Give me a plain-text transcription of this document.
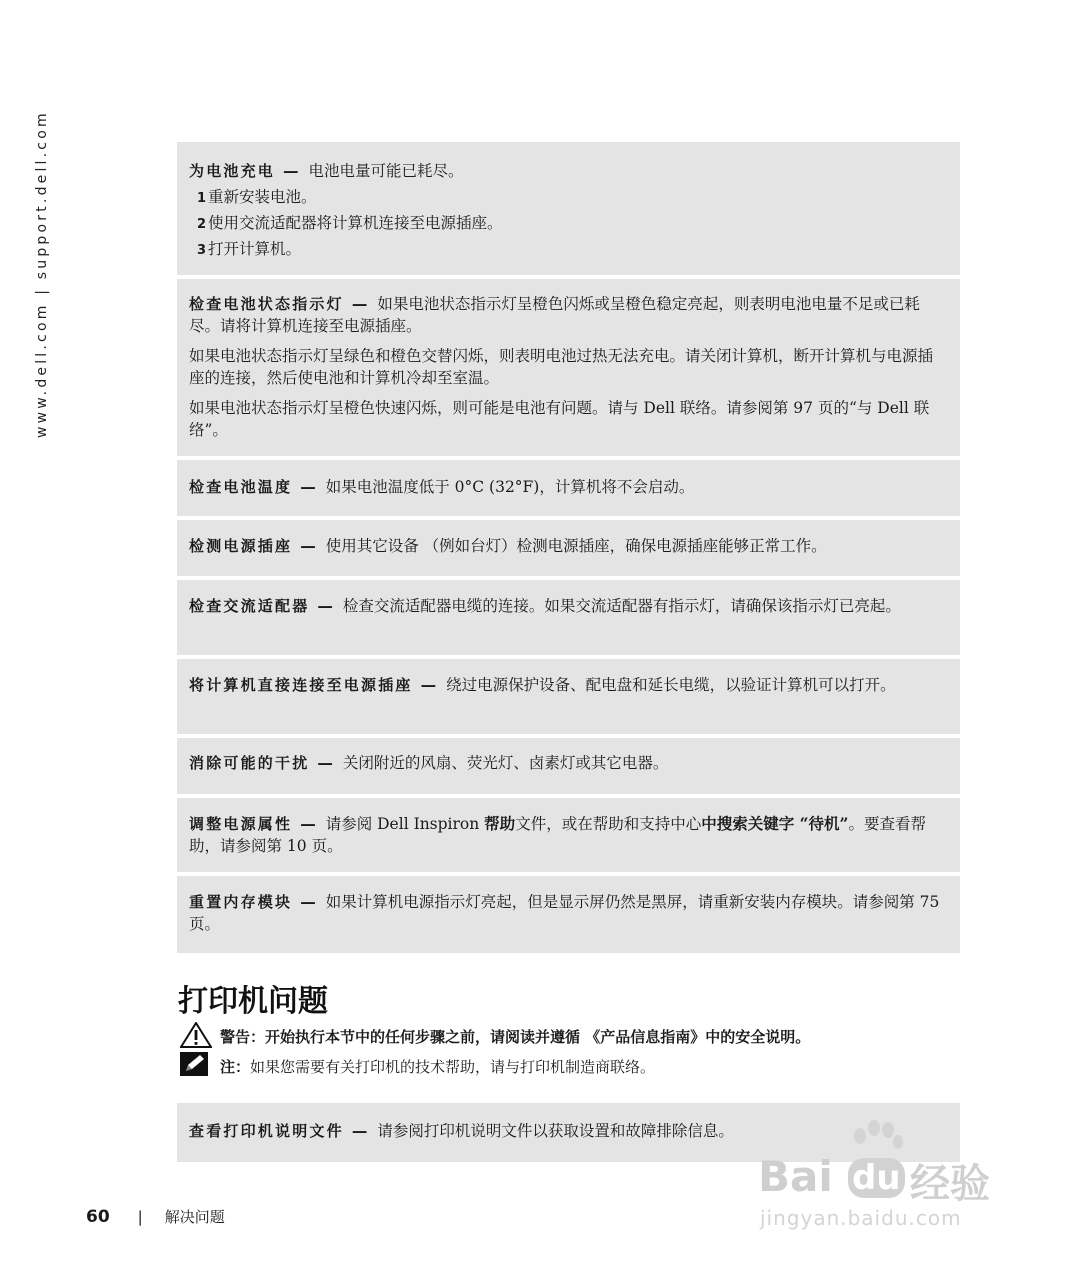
www.dell.com | support.dell.com	为电池充电 — 电池电量可能已耗尽。

1 重新安装电池。
2 使用交流适配器将计算机连接至电源插座。
3 打开计算机。

检查电池状态指示灯 — 如果电池状态指示灯呈橙色闪烁或呈橙色稳定亮起，则表明电池电量不足或已耗尽。请将计算机连接至电源插座。

如果电池状态指示灯呈绿色和橙色交替闪烁，则表明电池过热无法充电。请关闭计算机，断开计算机与电源插座的连接，然后使电池和计算机冷却至室温。

如果电池状态指示灯呈橙色快速闪烁，则可能是电池有问题。请与 Dell 联络。请参阅第 97 页的“与 Dell 联络”。

检查电池温度 — 如果电池温度低于 0°C (32°F)，计算机将不会启动。

检测电源插座 — 使用其它设备 （例如台灯）检测电源插座，确保电源插座能够正常工作。

检查交流适配器 — 检查交流适配器电缆的连接。如果交流适配器有指示灯，请确保该指示灯已亮起。

将计算机直接连接至电源插座 — 绕过电源保护设备、配电盘和延长电缆，以验证计算机可以打开。

消除可能的干扰 — 关闭附近的风扇、荧光灯、卤素灯或其它电器。

调整电源属性 — 请参阅 Dell Inspiron 帮助文件，或在帮助和支持中心中搜索关键字 “待机”。要查看帮助，请参阅第 10 页。

重置内存模块 — 如果计算机电源指示灯亮起，但是显示屏仍然是黑屏，请重新安装内存模块。请参阅第 75 页。

打印机问题
警告：开始执行本节中的任何步骤之前，请阅读并遵循 《产品信息指南》中的安全说明。
注：如果您需要有关打印机的技术帮助，请与打印机制造商联络。

查看打印机说明文件 — 请参阅打印机说明文件以获取设置和故障排除信息。

Bai du 经验
jingyan.baidu.com
60 | 解决问题
